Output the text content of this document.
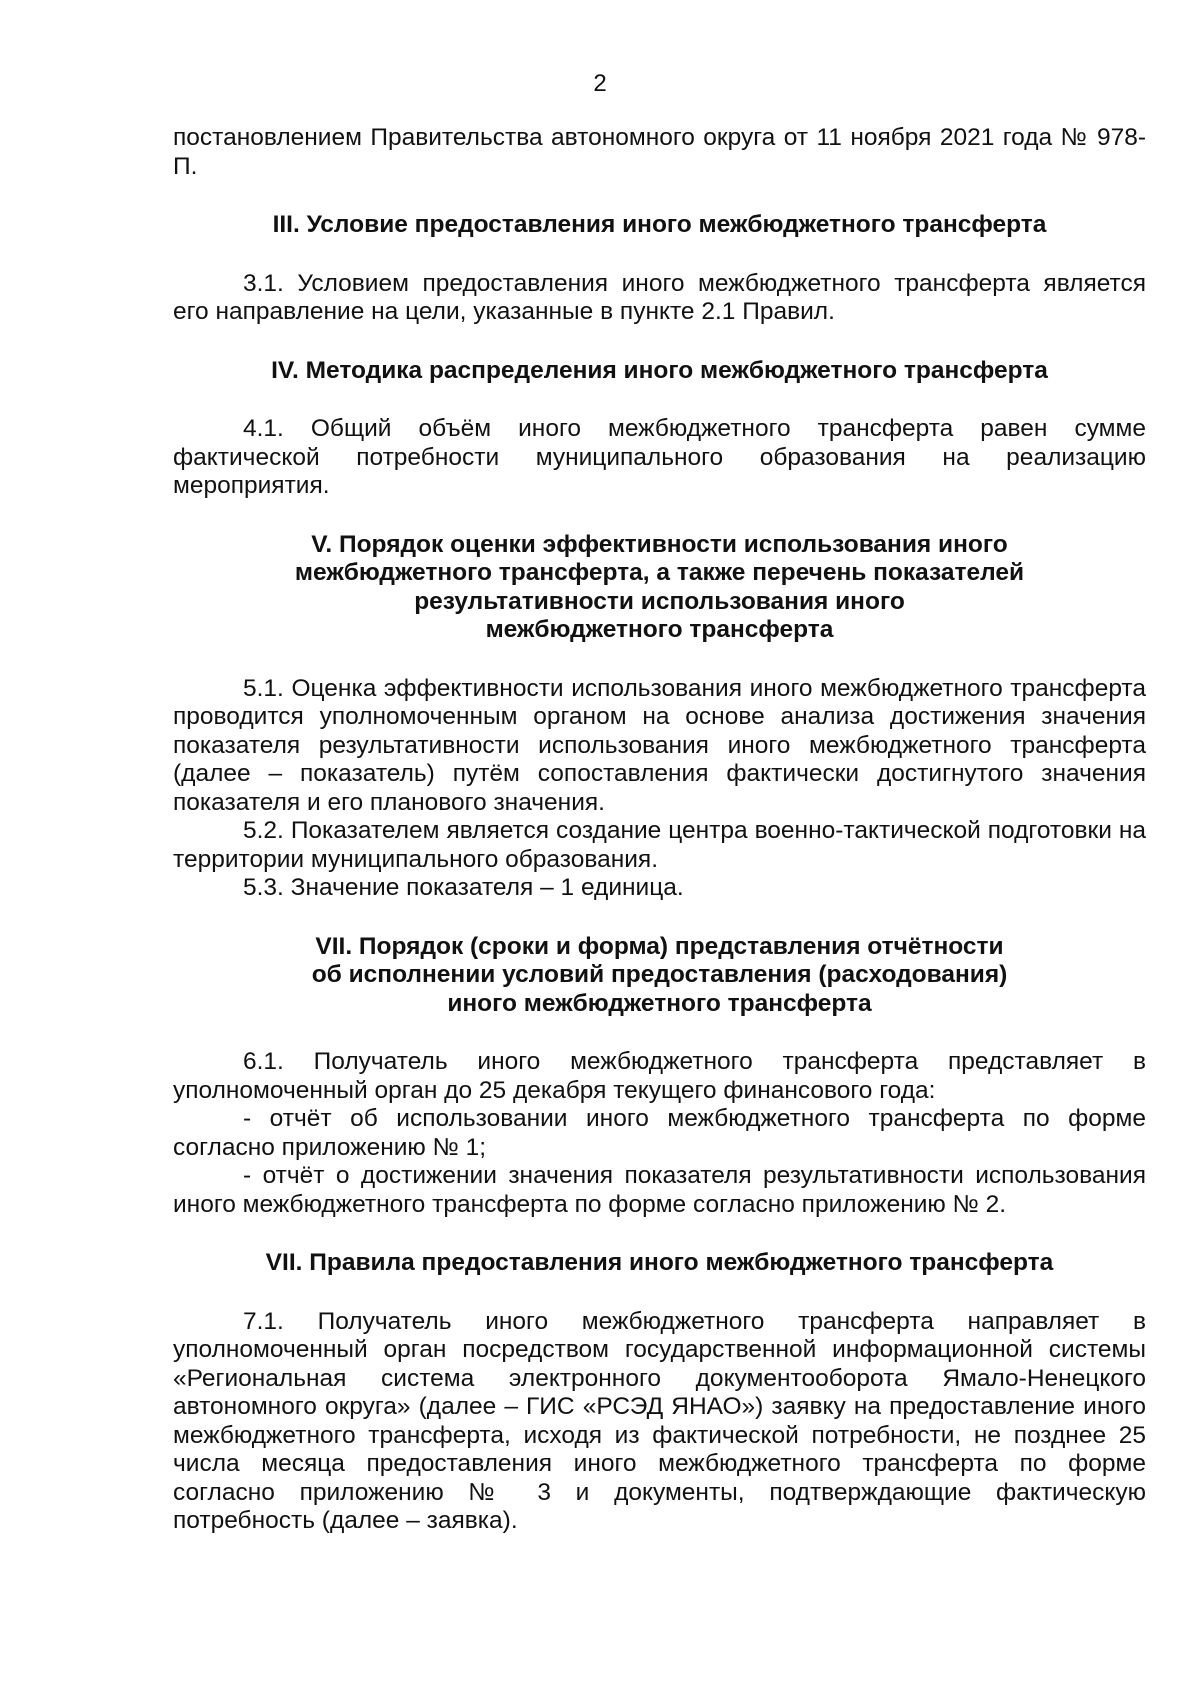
2

постановлением Правительства автономного округа от 11 ноября 2021 года № 978-П.

III. Условие предоставления иного межбюджетного трансферта

3.1. Условием предоставления иного межбюджетного трансферта является его направление на цели, указанные в пункте 2.1 Правил.

IV. Методика распределения иного межбюджетного трансферта

4.1. Общий объём иного межбюджетного трансферта равен сумме фактической потребности муниципального образования на реализацию мероприятия.

V. Порядок оценки эффективности использования иного
межбюджетного трансферта, а также перечень показателей
результативности использования иного
межбюджетного трансферта

5.1. Оценка эффективности использования иного межбюджетного трансферта проводится уполномоченным органом на основе анализа достижения значения показателя результативности использования иного межбюджетного трансферта (далее – показатель) путём сопоставления фактически достигнутого значения показателя и его планового значения.

5.2. Показателем является создание центра военно-тактической подготовки на территории муниципального образования.

5.3. Значение показателя – 1 единица.

VII. Порядок (сроки и форма) представления отчётности
об исполнении условий предоставления (расходования)
иного межбюджетного трансферта

6.1. Получатель иного межбюджетного трансферта представляет в уполномоченный орган до 25 декабря текущего финансового года:

- отчёт об использовании иного межбюджетного трансферта по форме согласно приложению № 1;

- отчёт о достижении значения показателя результативности использования иного межбюджетного трансферта по форме согласно приложению № 2.

VII. Правила предоставления иного межбюджетного трансферта

7.1. Получатель иного межбюджетного трансферта направляет в уполномоченный орган посредством государственной информационной системы «Региональная система электронного документооборота Ямало-Ненецкого автономного округа» (далее – ГИС «РСЭД ЯНАО») заявку на предоставление иного межбюджетного трансферта, исходя из фактической потребности, не позднее 25 числа месяца предоставления иного межбюджетного трансферта по форме согласно приложению № 3 и документы, подтверждающие фактическую потребность (далее – заявка).
